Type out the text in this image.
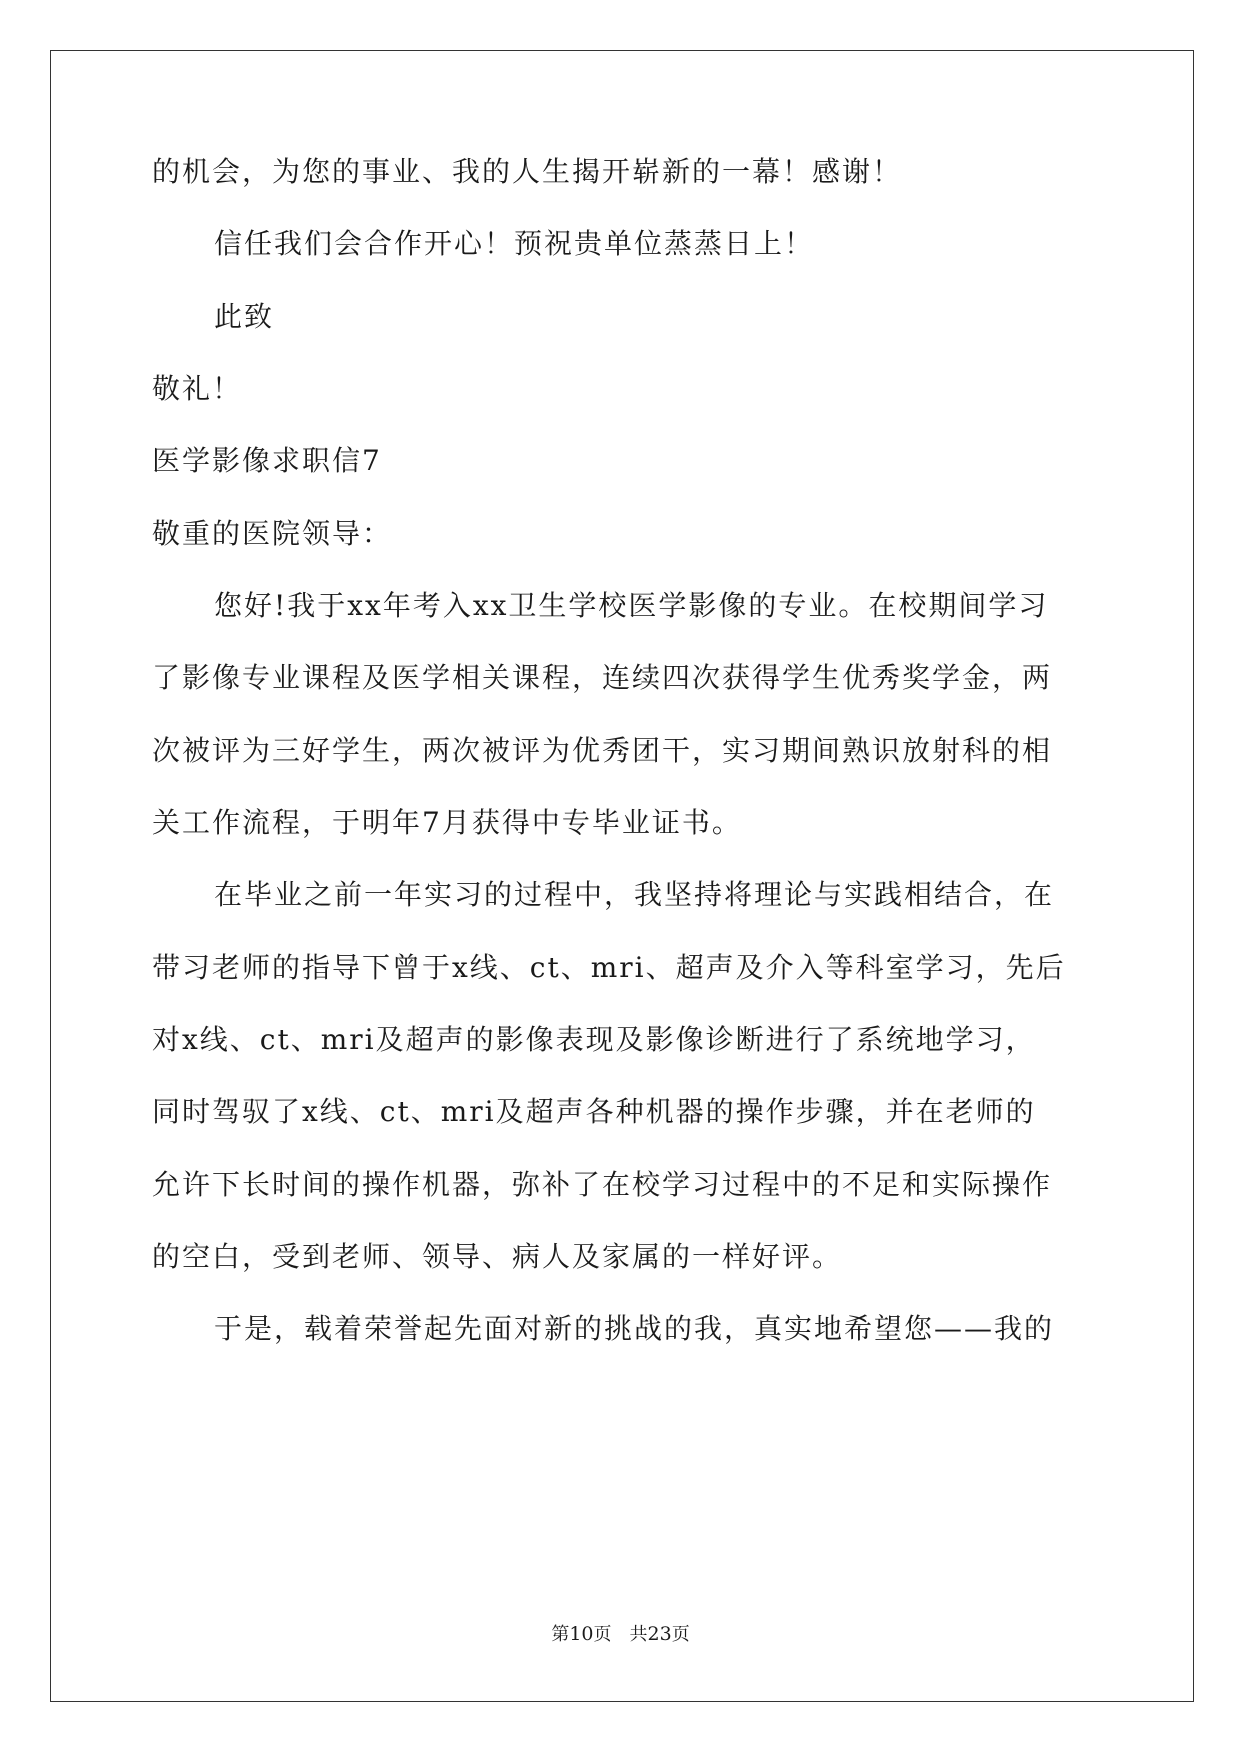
的机会，为您的事业、我的人生揭开崭新的一幕！感谢！
信任我们会合作开心！预祝贵单位蒸蒸日上！
此致
敬礼！
医学影像求职信7
敬重的医院领导：
您好!我于xx年考入xx卫生学校医学影像的专业。在校期间学习
了影像专业课程及医学相关课程，连续四次获得学生优秀奖学金，两
次被评为三好学生，两次被评为优秀团干，实习期间熟识放射科的相
关工作流程，于明年7月获得中专毕业证书。
在毕业之前一年实习的过程中，我坚持将理论与实践相结合，在
带习老师的指导下曾于x线、ct、mri、超声及介入等科室学习，先后
对x线、ct、mri及超声的影像表现及影像诊断进行了系统地学习，
同时驾驭了x线、ct、mri及超声各种机器的操作步骤，并在老师的
允许下长时间的操作机器，弥补了在校学习过程中的不足和实际操作
的空白，受到老师、领导、病人及家属的一样好评。
于是，载着荣誉起先面对新的挑战的我，真实地希望您——我的
第10页　共23页
